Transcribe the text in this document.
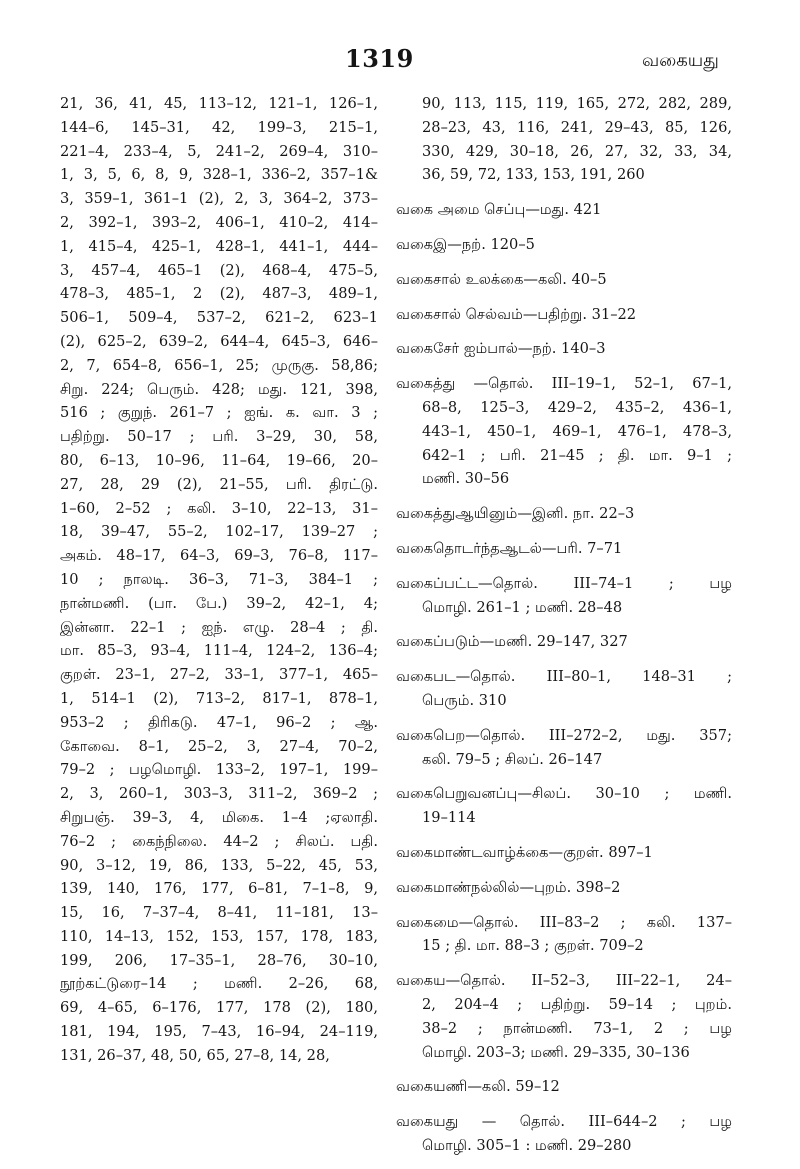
1319	வகையது
21, 36, 41, 45, 113–12, 121–1, 126–1,
144–6, 145–31, 42, 199–3, 215–1,
221–4, 233–4, 5, 241–2, 269–4, 310–
1, 3, 5, 6, 8, 9, 328–1, 336–2, 357–1&
3, 359–1, 361–1 (2), 2, 3, 364–2, 373–
2, 392–1, 393–2, 406–1, 410–2, 414–
1, 415–4, 425–1, 428–1, 441–1, 444–
3, 457–4, 465–1 (2), 468–4, 475–5,
478–3, 485–1, 2 (2), 487–3, 489–1,
506–1, 509–4, 537–2, 621–2, 623–1
(2), 625–2, 639–2, 644–4, 645–3, 646–
2, 7, 654–8, 656–1, 25; முருகு. 58,86;
சிறு. 224; பெரும். 428; மது. 121, 398,
516 ; குறுந். 261–7 ; ஐங். க. வா. 3 ;
பதிற்று. 50–17 ; பரி. 3–29, 30, 58,
80, 6–13, 10–96, 11–64, 19–66, 20–
27, 28, 29 (2), 21–55, பரி. திரட்டு.
1–60, 2–52 ; கலி. 3–10, 22–13, 31–
18, 39–47, 55–2, 102–17, 139–27 ;
அகம். 48–17, 64–3, 69–3, 76–8, 117–
10 ; நாலடி. 36–3, 71–3, 384–1 ;
நான்மணி. (பா. பே.) 39–2, 42–1, 4;
இன்னா. 22–1 ; ஐந். எழு. 28–4 ; தி.
மா. 85–3, 93–4, 111–4, 124–2, 136–4;
குறள். 23–1, 27–2, 33–1, 377–1, 465–
1, 514–1 (2), 713–2, 817–1, 878–1,
953–2 ; திரிகடு. 47–1, 96–2 ; ஆ.
கோவை. 8–1, 25–2, 3, 27–4, 70–2,
79–2 ; பழமொழி. 133–2, 197–1, 199–
2, 3, 260–1, 303–3, 311–2, 369–2 ;
சிறுபஞ். 39–3, 4, மிகை. 1–4 ;ஏலாதி.
76–2 ; கைந்நிலை. 44–2 ; சிலப். பதி.
90, 3–12, 19, 86, 133, 5–22, 45, 53,
139, 140, 176, 177, 6–81, 7–1–8, 9,
15, 16, 7–37–4, 8–41, 11–181, 13–
110, 14–13, 152, 153, 157, 178, 183,
199, 206, 17–35–1, 28–76, 30–10,
நூற்கட்டுரை–14 ; மணி. 2–26, 68,
69, 4–65, 6–176, 177, 178 (2), 180,
181, 194, 195, 7–43, 16–94, 24–119,
131, 26–37, 48, 50, 65, 27–8, 14, 28,
90, 113, 115, 119, 165, 272, 282, 289,
28–23, 43, 116, 241, 29–43, 85, 126,
330, 429, 30–18, 26, 27, 32, 33, 34,
36, 59, 72, 133, 153, 191, 260
வகை அமை செப்பு—மது. 421
வகைஇ—நற். 120–5
வகைசால் உலக்கை—கலி. 40–5
வகைசால் செல்வம்—பதிற்று. 31–22
வகைசேர் ஐம்பால்—நற். 140–3
வகைத்து —தொல். III–19–1, 52–1, 67–1,
68–8, 125–3, 429–2, 435–2, 436–1,
443–1, 450–1, 469–1, 476–1, 478–3,
642–1 ; பரி. 21–45 ; தி. மா. 9–1 ;
மணி. 30–56
வகைத்துஆயினும்—இனி. நா. 22–3
வகைதொடர்ந்தஆடல்—பரி. 7–71
வகைப்பட்ட—தொல். III–74–1 ; பழ
மொழி. 261–1 ; மணி. 28–48
வகைப்படும்—மணி. 29–147, 327
வகைபட—தொல். III–80–1, 148–31 ;
பெரும். 310
வகைபெற—தொல். III–272–2, மது. 357;
கலி. 79–5 ; சிலப். 26–147
வகைபெறுவனப்பு—சிலப். 30–10 ; மணி.
19–114
வகைமாண்டவாழ்க்கை—குறள். 897–1
வகைமாண்நல்லில்—புறம். 398–2
வகைமை—தொல். III–83–2 ; கலி. 137–
15 ; தி. மா. 88–3 ; குறள். 709–2
வகைய—தொல். II–52–3, III–22–1, 24–
2, 204–4 ; பதிற்று. 59–14 ; புறம்.
38–2 ; நான்மணி. 73–1, 2 ; பழ
மொழி. 203–3; மணி. 29–335, 30–136
வகையணி—கலி. 59–12
வகையது — தொல். III–644–2 ; பழ
மொழி. 305–1 : மணி. 29–280
